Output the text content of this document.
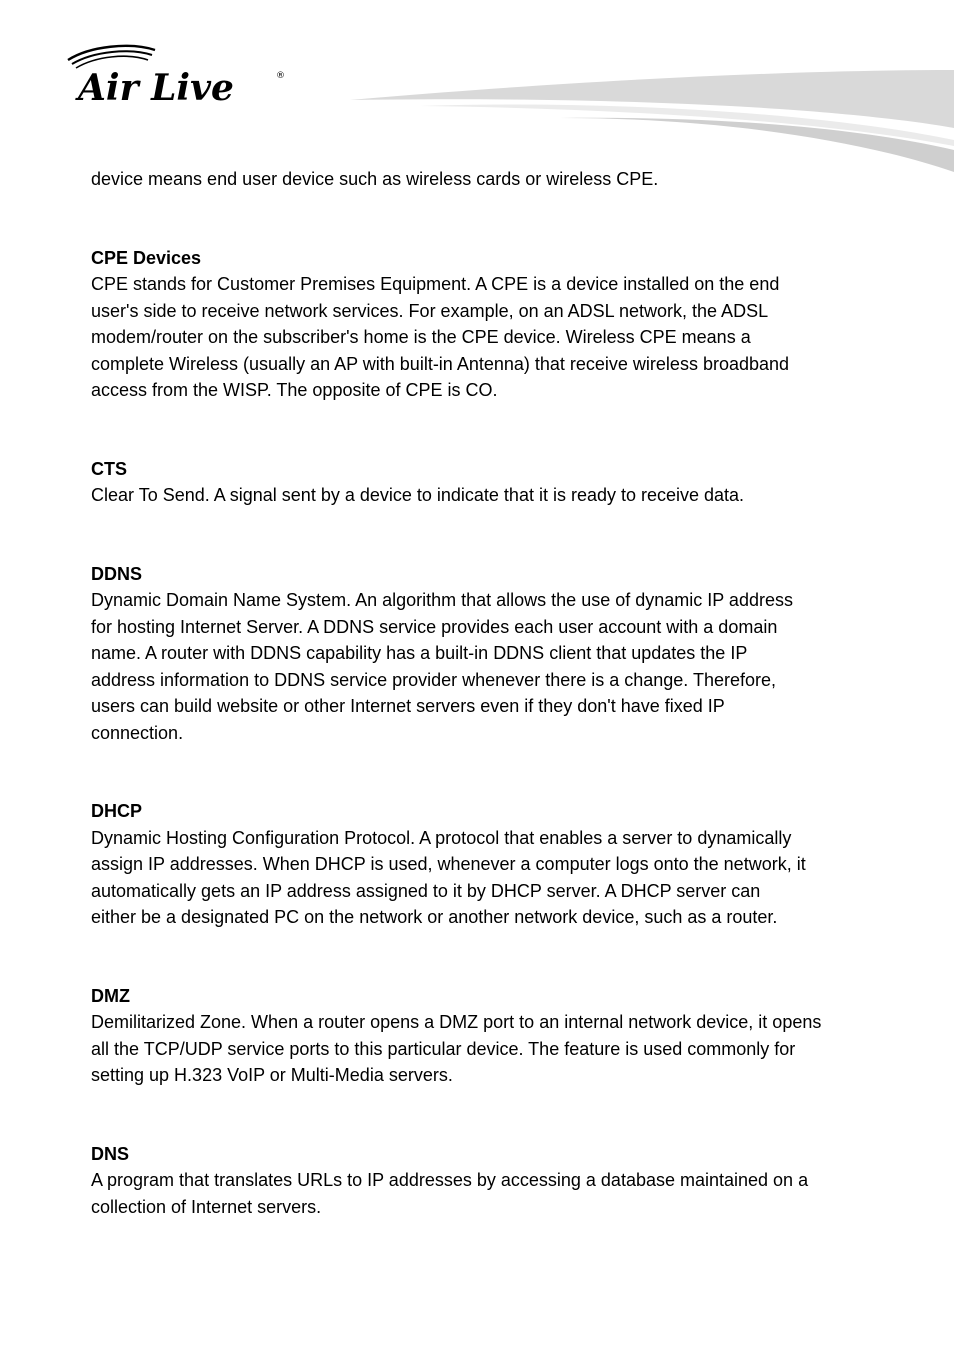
Air Live	®

device means end user device such as wireless cards or wireless CPE.

CPE Devices

CPE stands for Customer Premises Equipment. A CPE is a device installed on the end
user's side to receive network services. For example, on an ADSL network, the ADSL
modem/router on the subscriber's home is the CPE device. Wireless CPE means a
complete Wireless (usually an AP with built-in Antenna) that receive wireless broadband
access from the WISP. The opposite of CPE is CO.

CTS

Clear To Send. A signal sent by a device to indicate that it is ready to receive data.

DDNS

Dynamic Domain Name System. An algorithm that allows the use of dynamic IP address
for hosting Internet Server. A DDNS service provides each user account with a domain
name. A router with DDNS capability has a built-in DDNS client that updates the IP
address information to DDNS service provider whenever there is a change. Therefore,
users can build website or other Internet servers even if they don't have fixed IP
connection.

DHCP

Dynamic Hosting Configuration Protocol. A protocol that enables a server to dynamically
assign IP addresses. When DHCP is used, whenever a computer logs onto the network, it
automatically gets an IP address assigned to it by DHCP server. A DHCP server can
either be a designated PC on the network or another network device, such as a router.

DMZ

Demilitarized Zone. When a router opens a DMZ port to an internal network device, it opens
all the TCP/UDP service ports to this particular device. The feature is used commonly for
setting up H.323 VoIP or Multi-Media servers.

DNS

A program that translates URLs to IP addresses by accessing a database maintained on a
collection of Internet servers.
